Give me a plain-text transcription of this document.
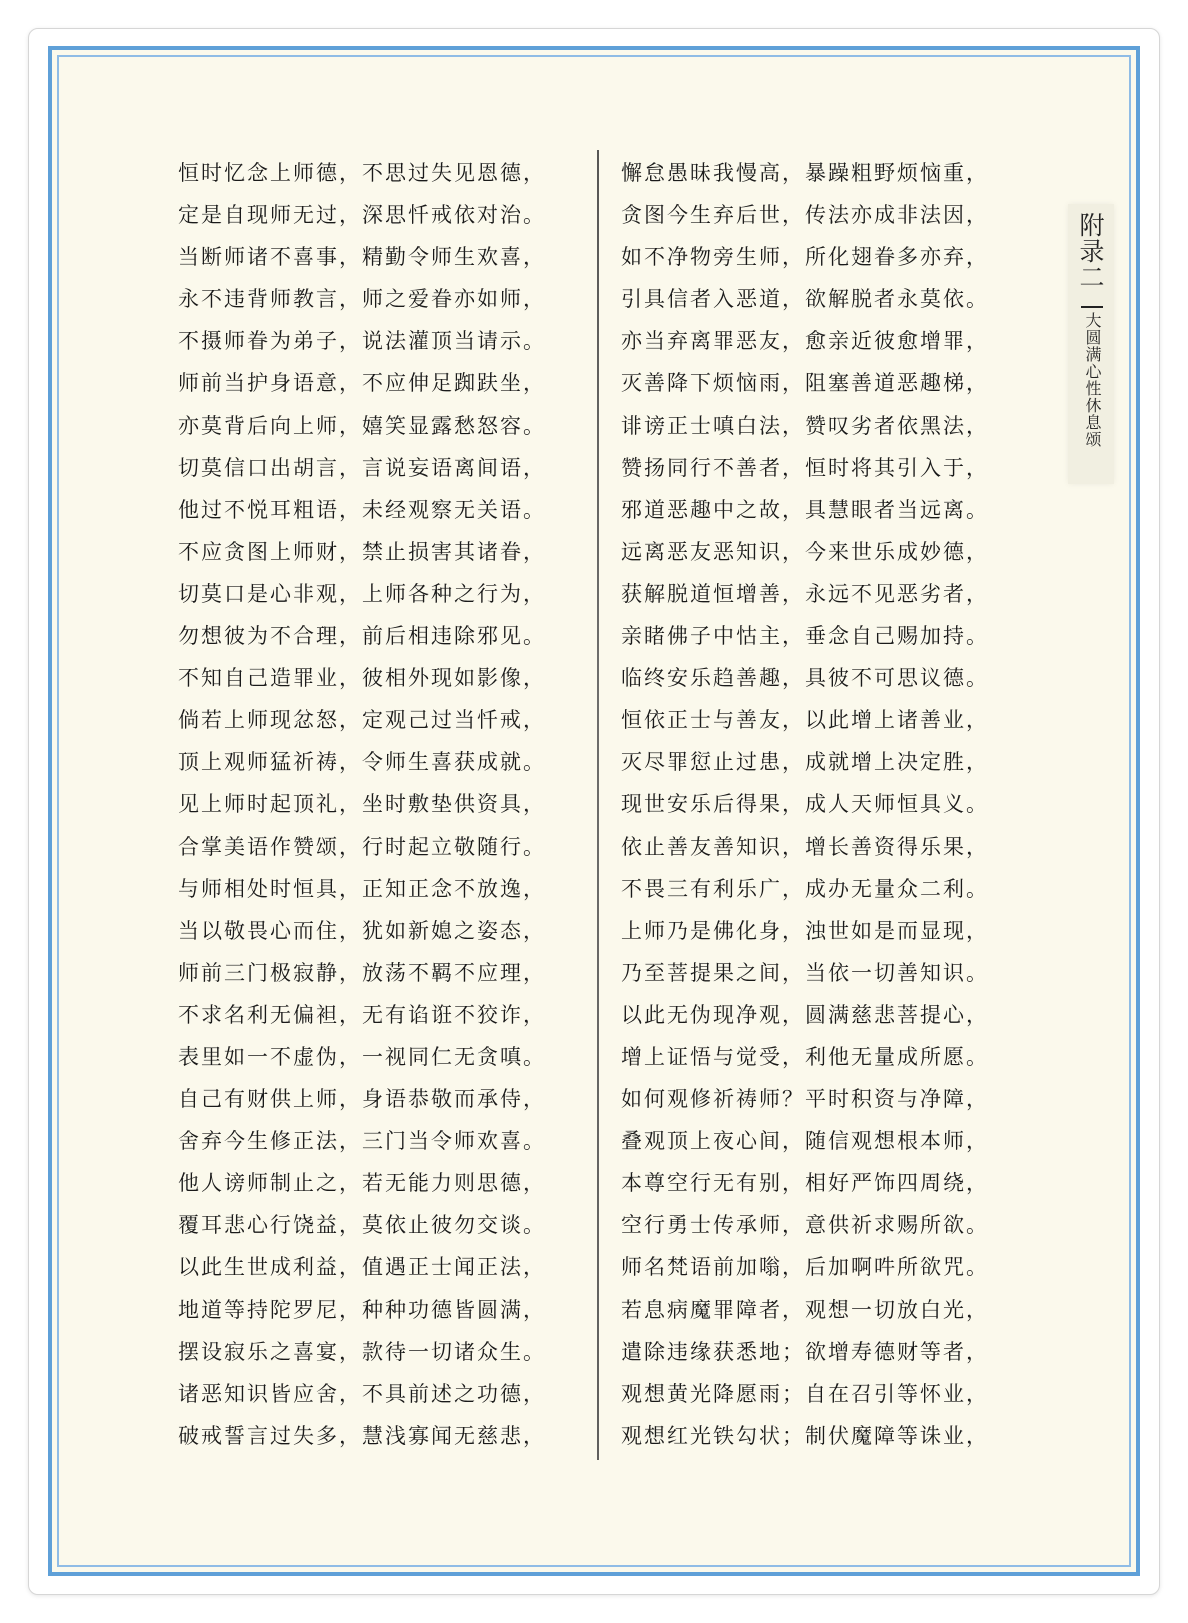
恒时忆念上师德，不思过失见恩德，
定是自现师无过，深思忏戒依对治。
当断师诸不喜事，精勤令师生欢喜，
永不违背师教言，师之爱眷亦如师，
不摄师眷为弟子，说法灌顶当请示。
师前当护身语意，不应伸足踟趺坐，
亦莫背后向上师，嬉笑显露愁怒容。
切莫信口出胡言，言说妄语离间语，
他过不悦耳粗语，未经观察无关语。
不应贪图上师财，禁止损害其诸眷，
切莫口是心非观，上师各种之行为，
勿想彼为不合理，前后相违除邪见。
不知自己造罪业，彼相外现如影像，
倘若上师现忿怒，定观己过当忏戒，
顶上观师猛祈祷，令师生喜获成就。
见上师时起顶礼，坐时敷垫供资具，
合掌美语作赞颂，行时起立敬随行。
与师相处时恒具，正知正念不放逸，
当以敬畏心而住，犹如新媳之姿态，
师前三门极寂静，放荡不羁不应理，
不求名利无偏袒，无有谄诳不狡诈，
表里如一不虚伪，一视同仁无贪嗔。
自己有财供上师，身语恭敬而承侍，
舍弃今生修正法，三门当令师欢喜。
他人谤师制止之，若无能力则思德，
覆耳悲心行饶益，莫依止彼勿交谈。
以此生世成利益，值遇正士闻正法，
地道等持陀罗尼，种种功德皆圆满，
摆设寂乐之喜宴，款待一切诸众生。
诸恶知识皆应舍，不具前述之功德，
破戒誓言过失多，慧浅寡闻无慈悲，
懈怠愚昧我慢高，暴躁粗野烦恼重，
贪图今生弃后世，传法亦成非法因，
如不净物旁生师，所化翅眷多亦弃，
引具信者入恶道，欲解脱者永莫依。
亦当弃离罪恶友，愈亲近彼愈增罪，
灭善降下烦恼雨，阻塞善道恶趣梯，
诽谤正士嗔白法，赞叹劣者依黑法，
赞扬同行不善者，恒时将其引入于，
邪道恶趣中之故，具慧眼者当远离。
远离恶友恶知识，今来世乐成妙德，
获解脱道恒增善，永远不见恶劣者，
亲睹佛子中怙主，垂念自己赐加持。
临终安乐趋善趣，具彼不可思议德。
恒依正士与善友，以此增上诸善业，
灭尽罪愆止过患，成就增上决定胜，
现世安乐后得果，成人天师恒具义。
依止善友善知识，增长善资得乐果，
不畏三有利乐广，成办无量众二利。
上师乃是佛化身，浊世如是而显现，
乃至菩提果之间，当依一切善知识。
以此无伪现净观，圆满慈悲菩提心，
增上证悟与觉受，利他无量成所愿。
如何观修祈祷师？平时积资与净障，
叠观顶上夜心间，随信观想根本师，
本尊空行无有别，相好严饰四周绕，
空行勇士传承师，意供祈求赐所欲。
师名梵语前加嗡，后加啊吽所欲咒。
若息病魔罪障者，观想一切放白光，
遣除违缘获悉地；欲增寿德财等者，
观想黄光降愿雨；自在召引等怀业，
观想红光铁勾状；制伏魔障等诛业，
附录二
大圆满心性休息颂
